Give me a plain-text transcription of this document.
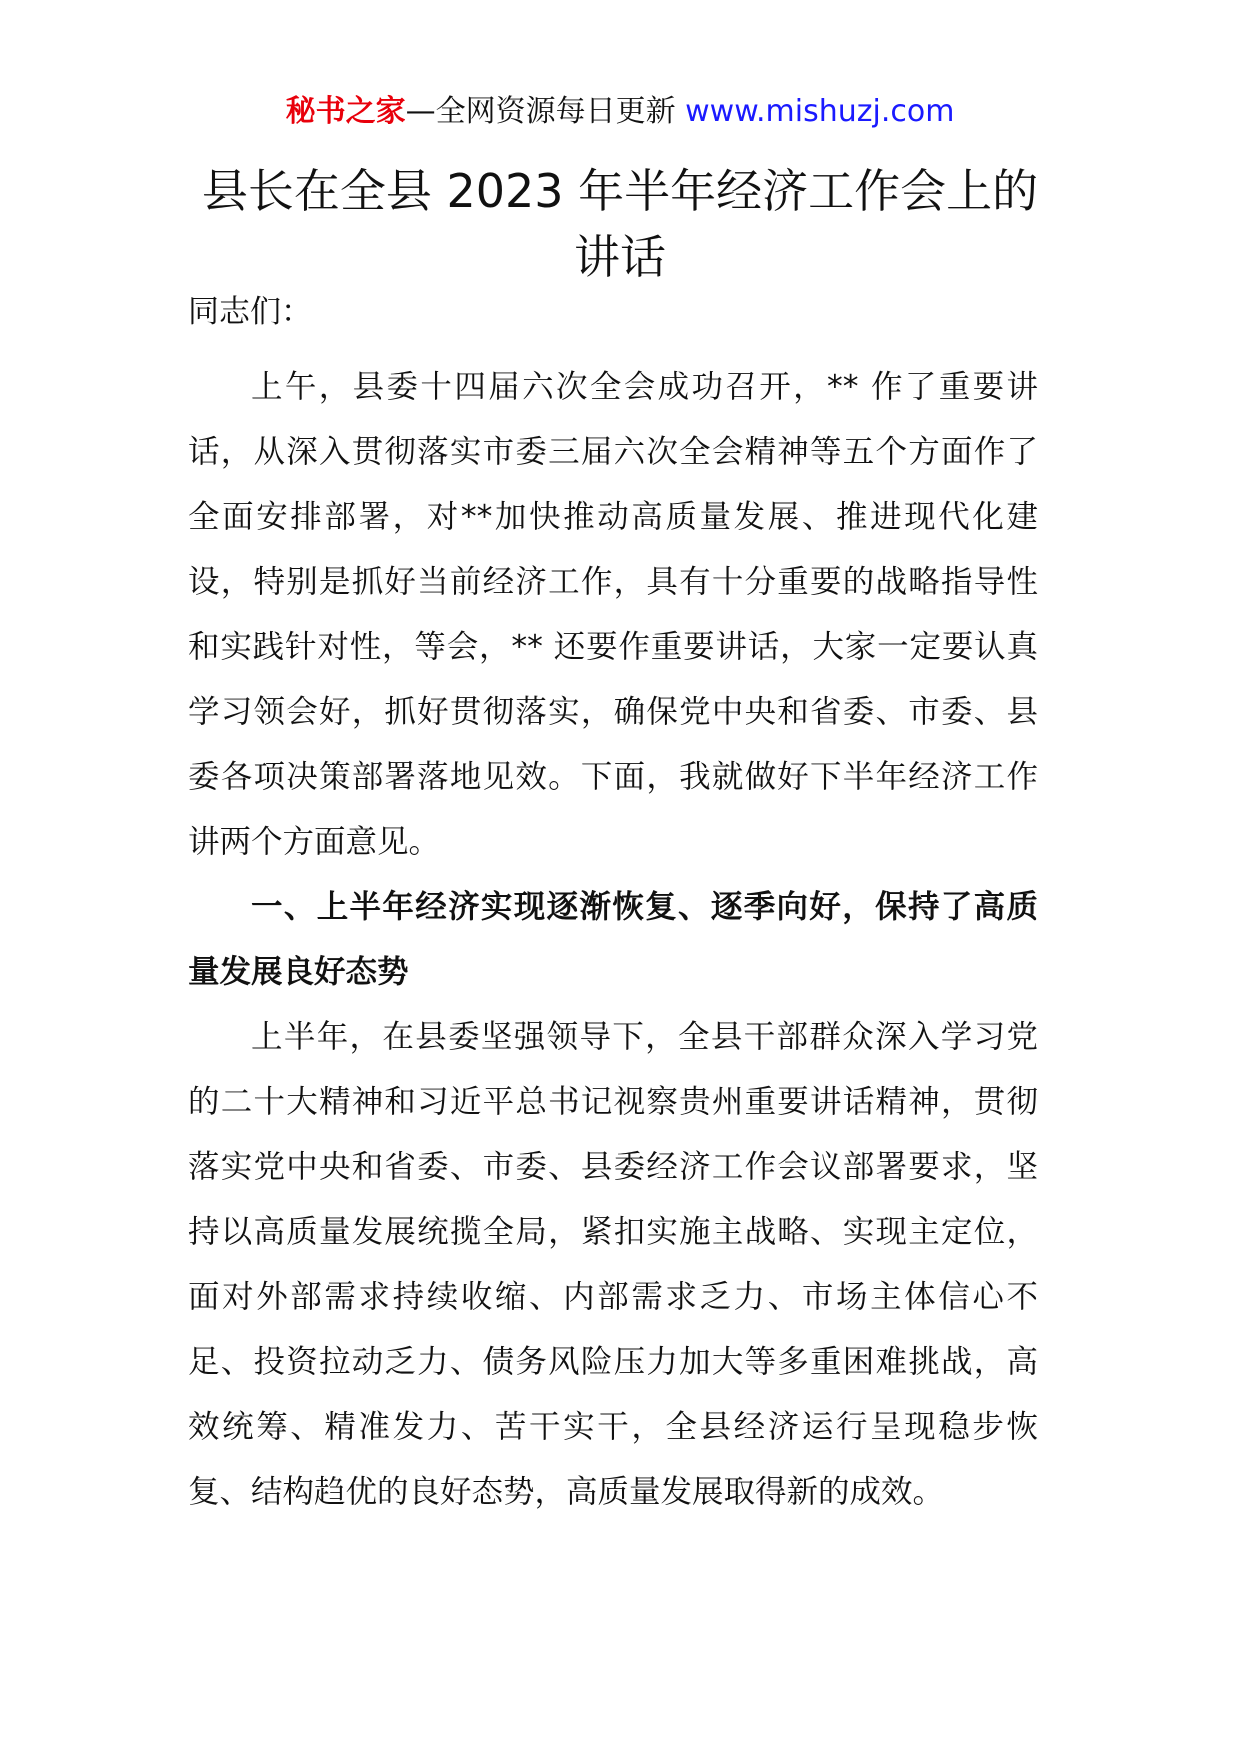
秘书之家—全网资源每日更新 www.mishuzj.com
县长在全县 2023 年半年经济工作会上的讲话

同志们：

上午，县委十四届六次全会成功召开，** 作了重要讲话，从深入贯彻落实市委三届六次全会精神等五个方面作了全面安排部署，对**加快推动高质量发展、推进现代化建设，特别是抓好当前经济工作，具有十分重要的战略指导性和实践针对性，等会，** 还要作重要讲话，大家一定要认真学习领会好，抓好贯彻落实，确保党中央和省委、市委、县委各项决策部署落地见效。下面，我就做好下半年经济工作讲两个方面意见。

一、上半年经济实现逐渐恢复、逐季向好，保持了高质量发展良好态势

上半年，在县委坚强领导下，全县干部群众深入学习党的二十大精神和习近平总书记视察贵州重要讲话精神，贯彻落实党中央和省委、市委、县委经济工作会议部署要求，坚持以高质量发展统揽全局，紧扣实施主战略、实现主定位，面对外部需求持续收缩、内部需求乏力、市场主体信心不足、投资拉动乏力、债务风险压力加大等多重困难挑战，高效统筹、精准发力、苦干实干，全县经济运行呈现稳步恢复、结构趋优的良好态势，高质量发展取得新的成效。
